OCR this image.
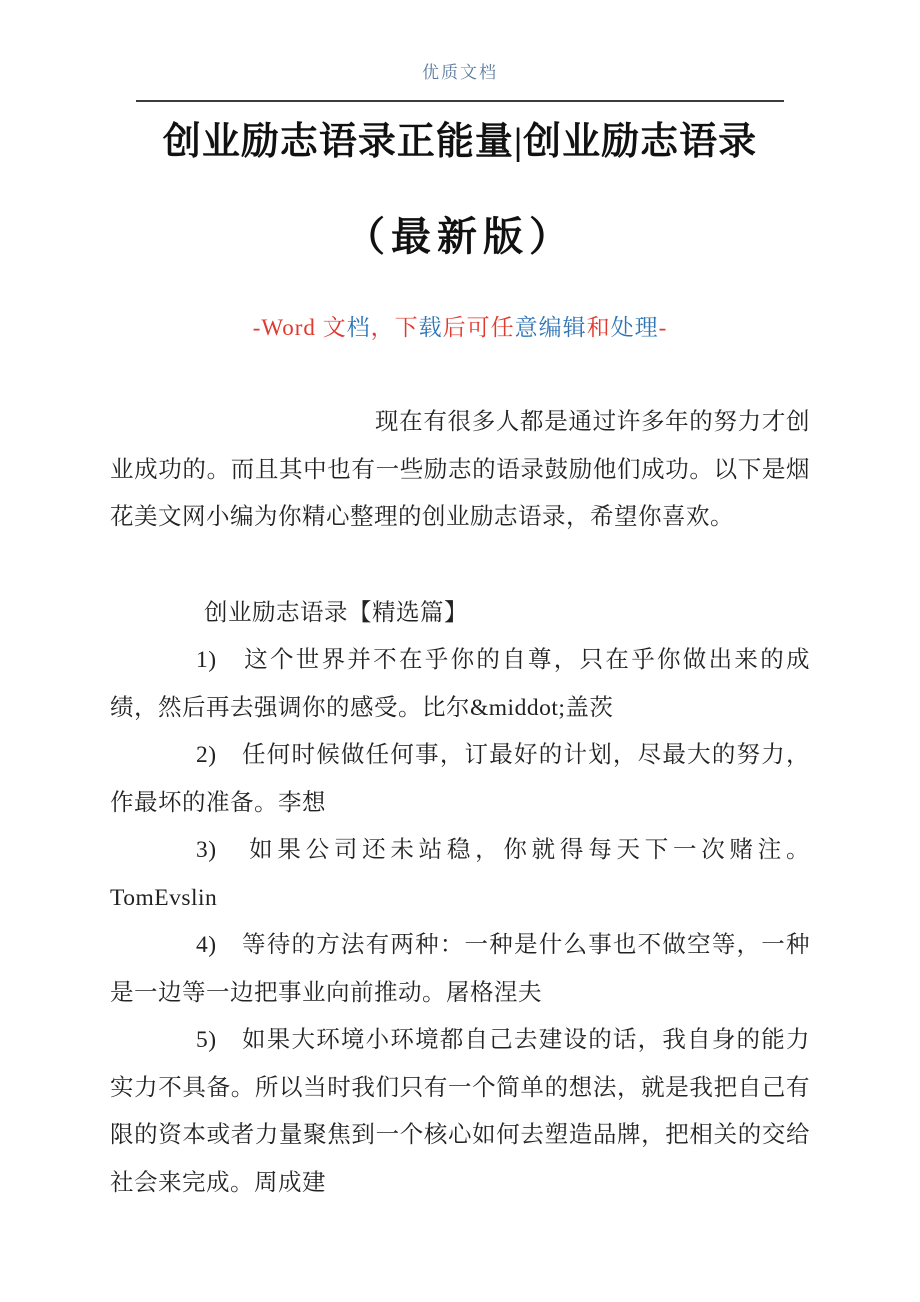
优质文档
创业励志语录正能量|创业励志语录
（最新版）
-Word 文档，下载后可任意编辑和处理-

现在有很多人都是通过许多年的努力才创业成功的。而且其中也有一些励志的语录鼓励他们成功。以下是烟花美文网小编为你精心整理的创业励志语录，希望你喜欢。

创业励志语录【精选篇】

1)　这个世界并不在乎你的自尊，只在乎你做出来的成绩，然后再去强调你的感受。比尔&middot;盖茨

2)　任何时候做任何事，订最好的计划，尽最大的努力，作最坏的准备。李想

3)　如果公司还未站稳，你就得每天下一次赌注。TomEvslin

4)　等待的方法有两种：一种是什么事也不做空等，一种是一边等一边把事业向前推动。屠格涅夫

5)　如果大环境小环境都自己去建设的话，我自身的能力实力不具备。所以当时我们只有一个简单的想法，就是我把自己有限的资本或者力量聚焦到一个核心如何去塑造品牌，把相关的交给社会来完成。周成建
